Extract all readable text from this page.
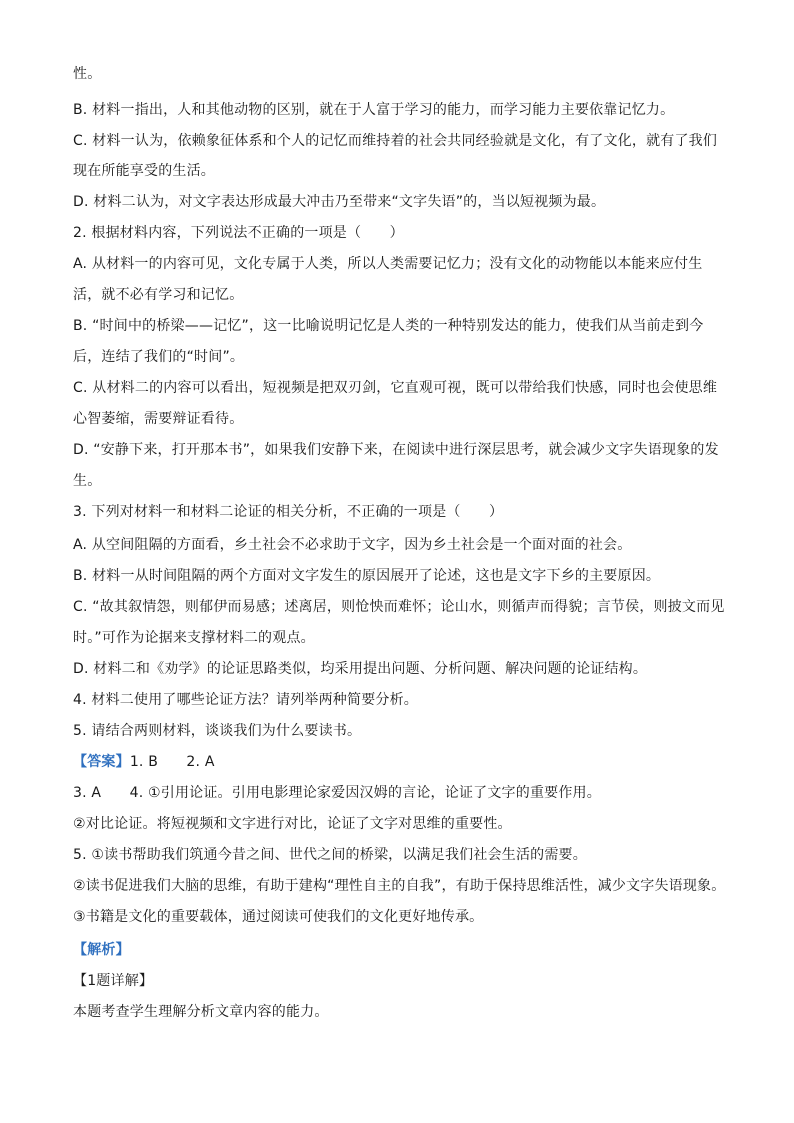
性。
B. 材料一指出，人和其他动物的区别，就在于人富于学习的能力，而学习能力主要依靠记忆力。
C. 材料一认为，依赖象征体系和个人的记忆而维持着的社会共同经验就是文化，有了文化，就有了我们
现在所能享受的生活。
D. 材料二认为，对文字表达形成最大冲击乃至带来“文字失语”的，当以短视频为最。
2. 根据材料内容，下列说法不正确的一项是（　　）
A. 从材料一的内容可见，文化专属于人类，所以人类需要记忆力；没有文化的动物能以本能来应付生
活，就不必有学习和记忆。
B. “时间中的桥梁——记忆”，这一比喻说明记忆是人类的一种特别发达的能力，使我们从当前走到今
后，连结了我们的“时间”。
C. 从材料二的内容可以看出，短视频是把双刃剑，它直观可视，既可以带给我们快感，同时也会使思维
心智萎缩，需要辩证看待。
D. “安静下来，打开那本书”，如果我们安静下来，在阅读中进行深层思考，就会减少文字失语现象的发
生。
3. 下列对材料一和材料二论证的相关分析，不正确的一项是（　　）
A. 从空间阻隔的方面看，乡土社会不必求助于文字，因为乡土社会是一个面对面的社会。
B. 材料一从时间阻隔的两个方面对文字发生的原因展开了论述，这也是文字下乡的主要原因。
C. “故其叙情怨，则郁伊而易感；述离居，则怆怏而难怀；论山水，则循声而得貌；言节侯，则披文而见
时。”可作为论据来支撑材料二的观点。
D. 材料二和《劝学》的论证思路类似，均采用提出问题、分析问题、解决问题的论证结构。
4. 材料二使用了哪些论证方法？请列举两种简要分析。
5. 请结合两则材料，谈谈我们为什么要读书。
【答案】1. B　　2. A
3. A　　4. ①引用论证。引用电影理论家爱因汉姆的言论，论证了文字的重要作用。
②对比论证。将短视频和文字进行对比，论证了文字对思维的重要性。
5. ①读书帮助我们筑通今昔之间、世代之间的桥梁，以满足我们社会生活的需要。
②读书促进我们大脑的思维，有助于建构“理性自主的自我”，有助于保持思维活性，减少文字失语现象。
③书籍是文化的重要载体，通过阅读可使我们的文化更好地传承。
【解析】
【1题详解】
本题考查学生理解分析文章内容的能力。
